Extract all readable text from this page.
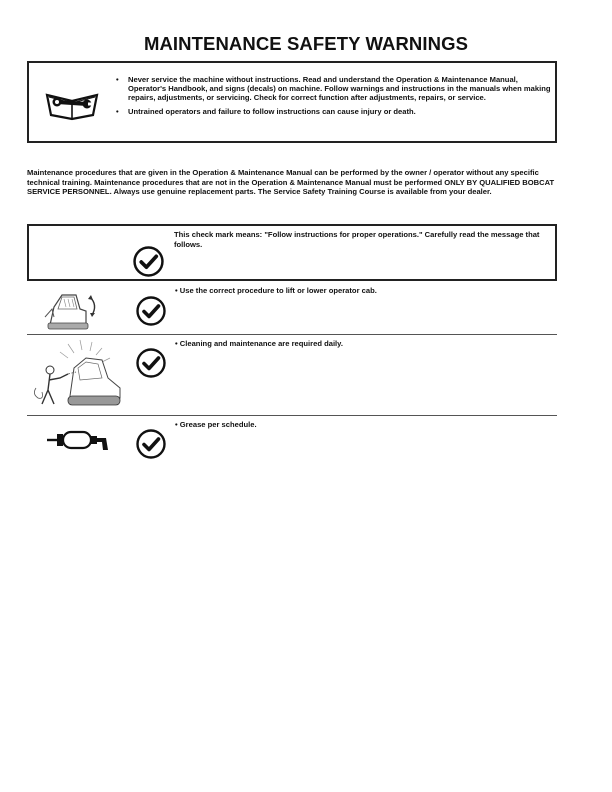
MAINTENANCE SAFETY WARNINGS
• Never service the machine without instructions. Read and understand the Operation & Maintenance Manual, Operator's Handbook, and signs (decals) on machine. Follow warnings and instructions in the manuals when making repairs, adjustments, or servicing. Check for correct function after adjustments, repairs, or service.
• Untrained operators and failure to follow instructions can cause injury or death.

Maintenance procedures that are given in the Operation & Maintenance Manual can be performed by the owner / operator without any specific technical training. Maintenance procedures that are not in the Operation & Maintenance Manual must be performed ONLY BY QUALIFIED BOBCAT SERVICE PERSONNEL. Always use genuine replacement parts. The Service Safety Training Course is available from your dealer.

This check mark means: "Follow instructions for proper operations." Carefully read the message that follows.
• Use the correct procedure to lift or lower operator cab.
• Cleaning and maintenance are required daily.
• Grease per schedule.
